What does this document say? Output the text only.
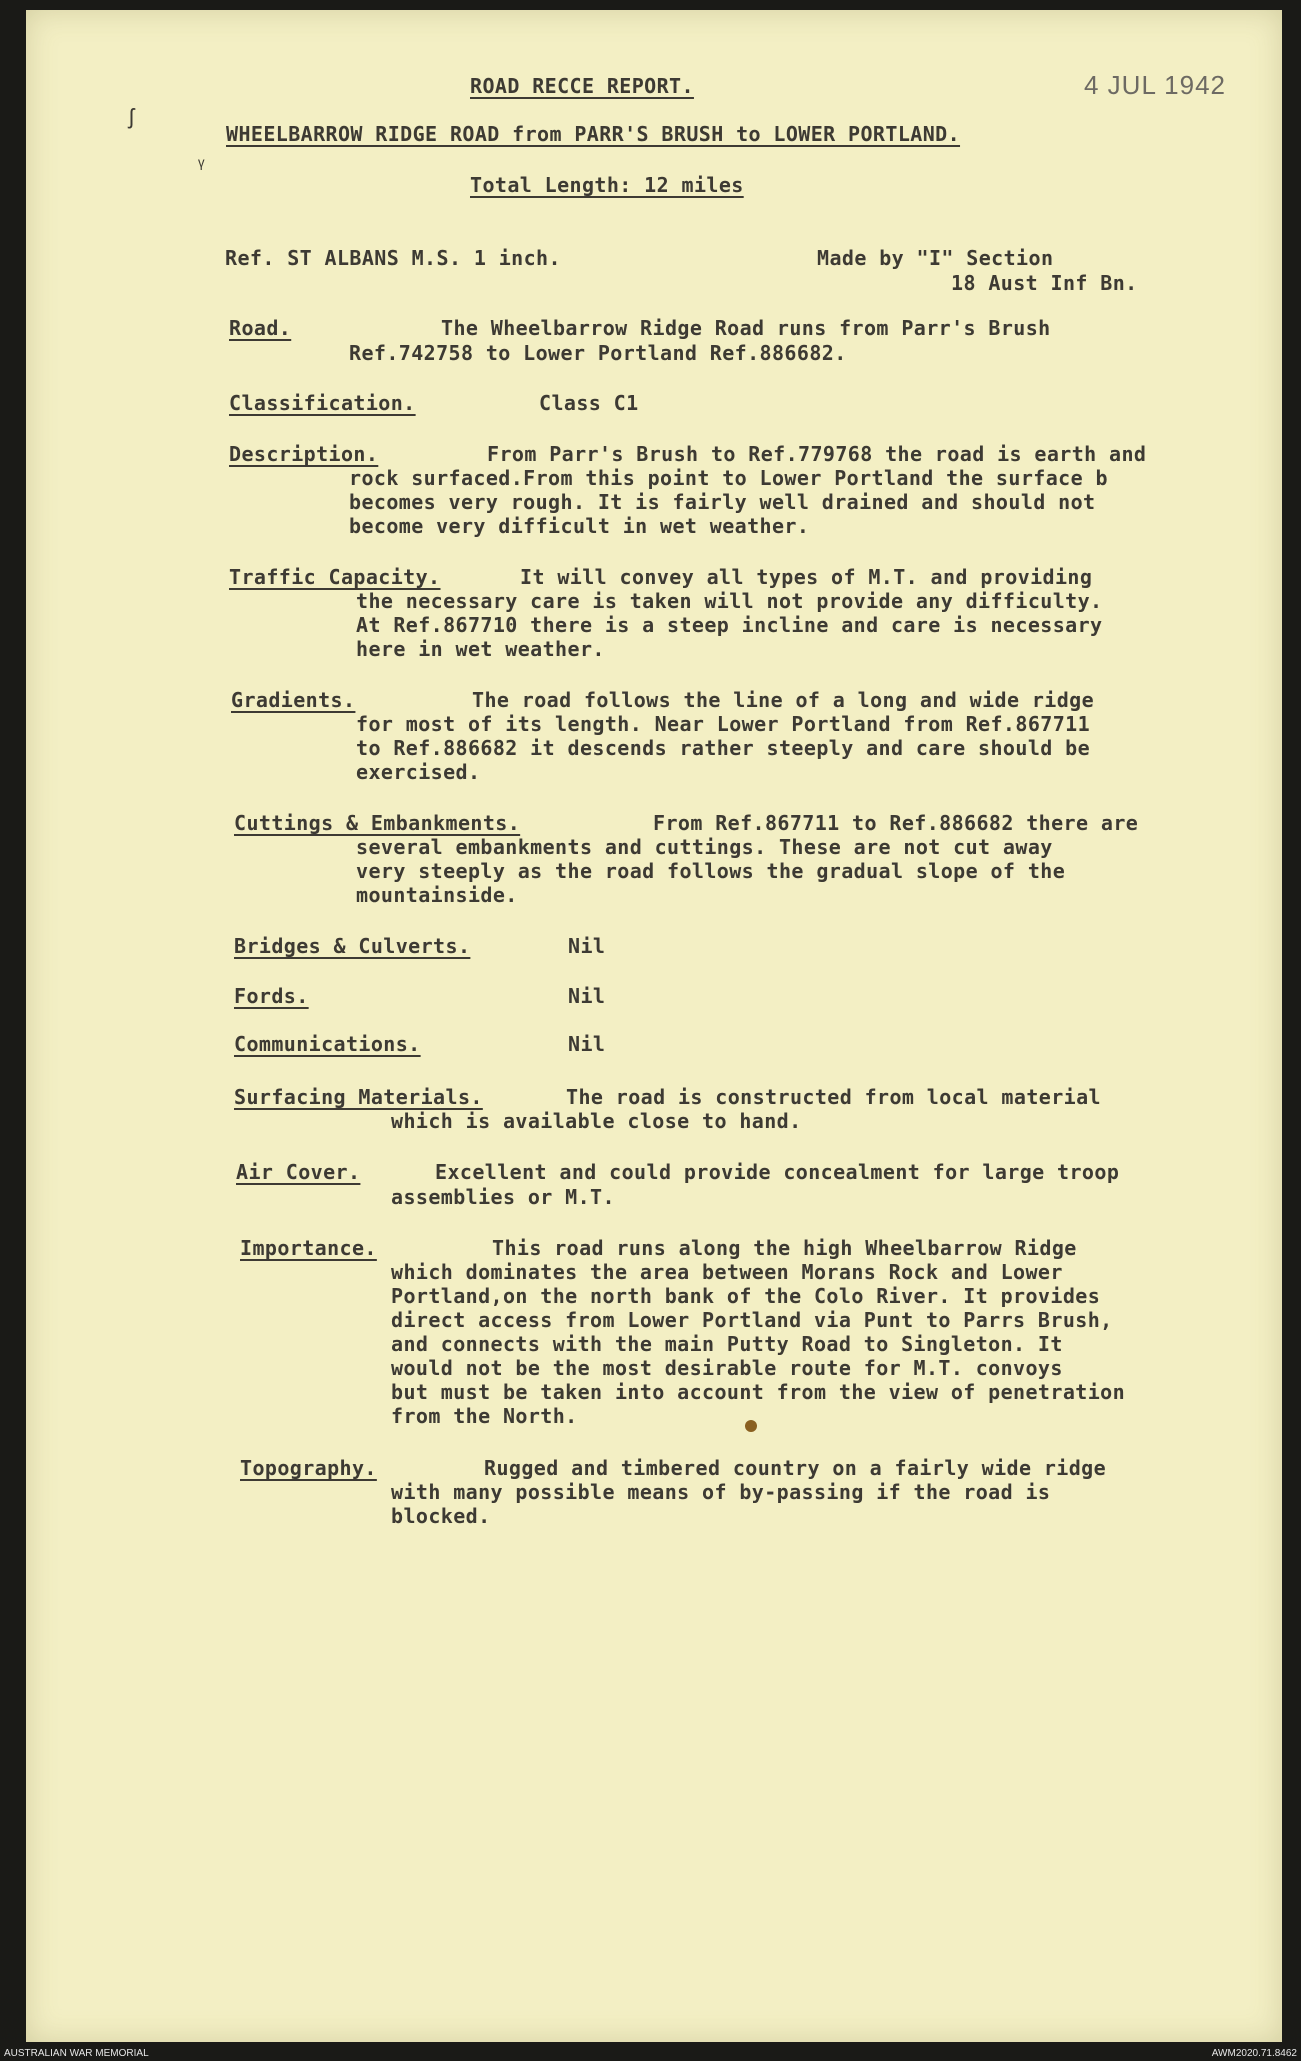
ROAD RECCE REPORT.	4 JUL 1942
ʃ
ᵞ
WHEELBARROW RIDGE ROAD from PARR'S BRUSH to LOWER PORTLAND.
Total Length: 12 miles
Ref. ST ALBANS M.S. 1 inch.	Made by "I" Section
18 Aust Inf Bn.
Road.	The Wheelbarrow Ridge Road runs from Parr's Brush
Ref.742758 to Lower Portland Ref.886682.
Classification.	Class C1
Description.	From Parr's Brush to Ref.779768 the road is earth and
rock surfaced.From this point to Lower Portland the surface b
becomes very rough. It is fairly well drained and should not
become very difficult in wet weather.
Traffic Capacity.	It will convey all types of M.T. and providing
the necessary care is taken will not provide any difficulty.
At Ref.867710 there is a steep incline and care is necessary
here in wet weather.
Gradients.	The road follows the line of a long and wide ridge
for most of its length. Near Lower Portland from Ref.867711
to Ref.886682 it descends rather steeply and care should be
exercised.
Cuttings & Embankments.	From Ref.867711 to Ref.886682 there are
several embankments and cuttings. These are not cut away
very steeply as the road follows the gradual slope of the
mountainside.
Bridges & Culverts.	Nil
Fords.	Nil
Communications.	Nil
Surfacing Materials.	The road is constructed from local material
which is available close to hand.
Air Cover.	Excellent and could provide concealment for large troop
assemblies or M.T.
Importance.	This road runs along the high Wheelbarrow Ridge
which dominates the area between Morans Rock and Lower
Portland,on the north bank of the Colo River. It provides
direct access from Lower Portland via Punt to Parrs Brush,
and connects with the main Putty Road to Singleton. It
would not be the most desirable route for M.T. convoys
but must be taken into account from the view of penetration
from the North.
Topography.	Rugged and timbered country on a fairly wide ridge
with many possible means of by-passing if the road is
blocked.
AUSTRALIAN WAR MEMORIAL	AWM2020.71.8462
